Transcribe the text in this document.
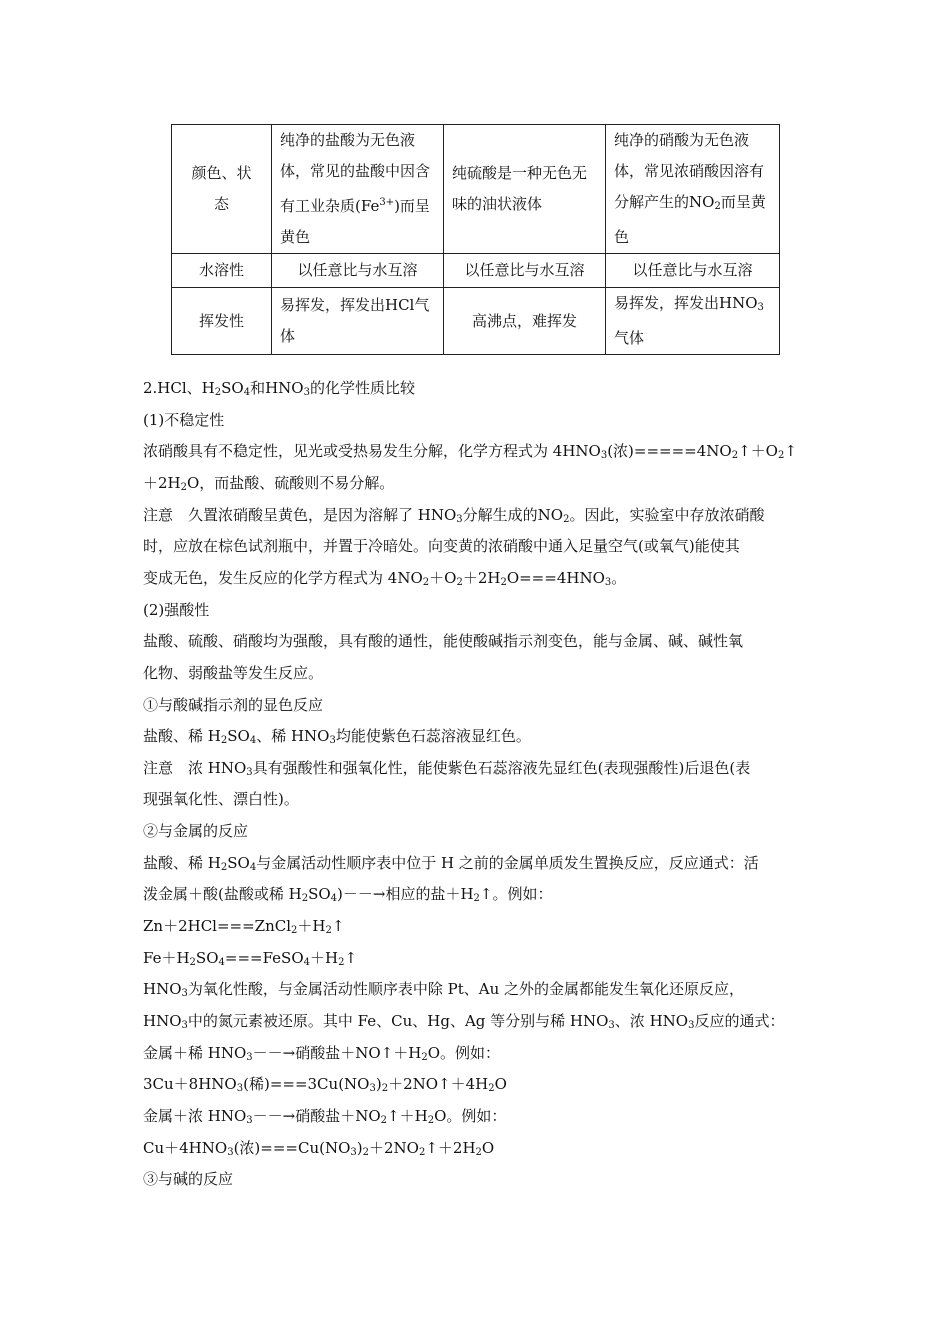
颜色、状
态	纯净的盐酸为无色液体，常见的盐酸中因含有工业杂质$(Fe^{3+})$而呈黄色	纯硫酸是一种无色无味的油状液体	纯净的硝酸为无色液体，常见浓硝酸因溶有分解产生的$NO_2$而呈黄色
水溶性	以任意比与水互溶	以任意比与水互溶	以任意比与水互溶
挥发性	易挥发，挥发出HCl气体	高沸点，难挥发	易挥发，挥发出$HNO_3$气体
2.HCl、$H_2SO_4$和$HNO_3$的化学性质比较
(1)不稳定性
浓硝酸具有不稳定性，见光或受热易发生分解，化学方程式为 $4HNO_3$(浓)$=====4NO_2↑+O_2↑$
$+2H_2O$，而盐酸、硫酸则不易分解。
注意　久置浓硝酸呈黄色，是因为溶解了 $HNO_3$分解生成的$NO_2$。因此，实验室中存放浓硝酸
时，应放在棕色试剂瓶中，并置于冷暗处。向变黄的浓硝酸中通入足量空气(或氧气)能使其
变成无色，发生反应的化学方程式为 $4NO_2+O_2+2H_2O===4HNO_3$。
(2)强酸性
盐酸、硫酸、硝酸均为强酸，具有酸的通性，能使酸碱指示剂变色，能与金属、碱、碱性氧
化物、弱酸盐等发生反应。
①与酸碱指示剂的显色反应
盐酸、稀 $H_2SO_4$、稀 $HNO_3$均能使紫色石蕊溶液显红色。
注意　浓 $HNO_3$具有强酸性和强氧化性，能使紫色石蕊溶液先显红色(表现强酸性)后退色(表
现强氧化性、漂白性)。
②与金属的反应
盐酸、稀 $H_2SO_4$与金属活动性顺序表中位于 H 之前的金属单质发生置换反应，反应通式：活
泼金属＋酸(盐酸或稀 $H_2SO_4)--\to$相应的盐$+H_2↑$。例如：
$Zn+2HCl===ZnCl_2+H_2↑$
$Fe+H_2SO_4===FeSO_4+H_2↑$
$HNO_3$为氧化性酸，与金属活动性顺序表中除 Pt、Au 之外的金属都能发生氧化还原反应，
$HNO_3$中的氮元素被还原。其中 Fe、Cu、Hg、Ag 等分别与稀 $HNO_3$、浓 $HNO_3$反应的通式：
金属＋稀 $HNO_3--\to$硝酸盐$+NO↑+H_2O$。例如：
$3Cu+8HNO_3$(稀)$===3Cu(NO_3)_2+2NO↑+4H_2O$
金属＋浓 $HNO_3--\to$硝酸盐$+NO_2↑+H_2O$。例如：
$Cu+4HNO_3$(浓)$===Cu(NO_3)_2+2NO_2↑+2H_2O$
③与碱的反应
